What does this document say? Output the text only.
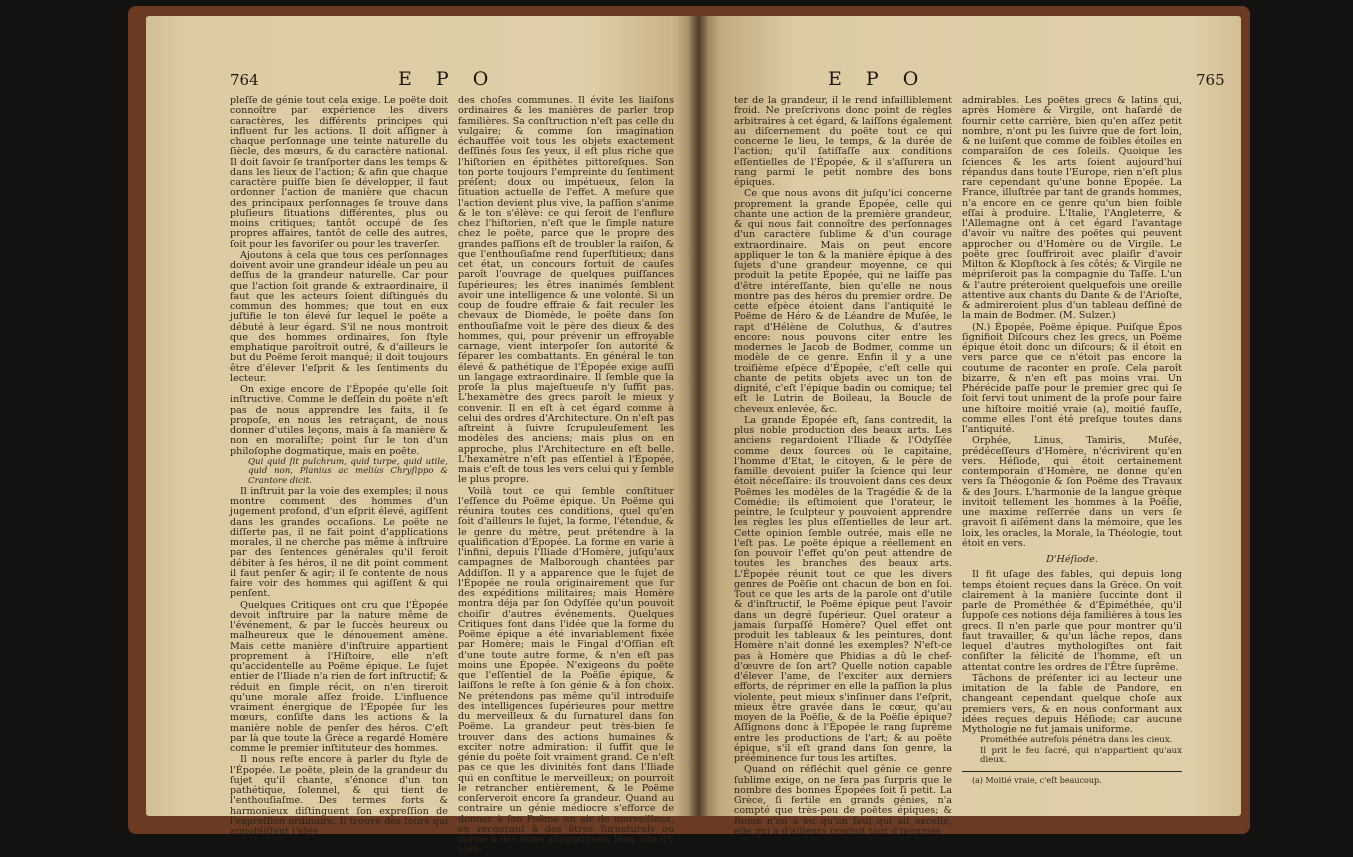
764	E P O

pleſſe de génie tout cela exige. Le poëte doit connoître par expérience les divers caractères, les différents principes qui influent fur les actions. Il doit aſſigner à chaque perſonnage une teinte naturelle du ſiècle, des mœurs, & du caractère national. Il doit ſavoir ſe tranſporter dans les temps & dans les lieux de l'action; & afin que chaque caractère puiſſe bien ſe développer, il faut ordonner l'action de manière que chacun des principaux perſonnages ſe trouve dans pluſieurs ſituations différentes, plus ou moins critiques; tantôt occupé de ſes propres affaires, tantôt de celle des autres, ſoit pour les favoriſer ou pour les traverſer.

Ajoutons à cela que tous ces perſonnages doivent avoir une grandeur idéale un peu au deſſus de la grandeur naturelle. Car pour que l'action ſoit grande & extraordinaire, il faut que les acteurs ſoient diſtingués du commun des hommes; que tout en eux juſtifie le ton élevé ſur lequel le poëte a débuté à leur égard. S'il ne nous montroit que des hommes ordinaires, ſon ſtyle emphatique paroîtroit outré, & d'ailleurs le but du Poëme ſeroit manqué; il doit toujours être d'élever l'eſprit & les ſentiments du lecteur.

On exige encore de l'Épopée qu'elle ſoit inſtructive. Comme le deſſein du poëte n'eſt pas de nous apprendre les faits, il ſe propoſe, en nous les retraçant, de nous donner d'utiles leçons, mais à ſa manière & non en moraliſte; point ſur le ton d'un philoſophe dogmatique, mais en poëte.

Qui quid ſit pulchrum, quid turpe, quid utile, quid non, Planius ac meliùs Chryſippo & Crantore dicit.

Il inſtruit par la voie des exemples; il nous montre comment des hommes d'un jugement profond, d'un eſprit élevé, agiſſent dans les grandes occaſions. Le poëte ne diſſerte pas, il ne fait point d'applications morales, il ne cherche pas même à inſtruire par des ſentences générales qu'il feroit débiter à ſes héros, il ne dit point comment il faut penſer & agir; il ſe contente de nous faire voir des hommes qui agiſſent & qui penſent.

Quelques Critiques ont cru que l'Épopée devoit inſtruire par la nature même de l'événement, & par le ſuccès heureux ou malheureux que le dénouement amène. Mais cette manière d'inſtruire appartient proprement à l'Hiſtoire, elle n'eſt qu'accidentelle au Poëme épique. Le ſujet entier de l'Iliade n'a rien de fort inſtructif; & réduit en ſimple récit, on n'en tireroit qu'une morale aſſez froide. L'influence vraiment énergique de l'Épopée ſur les mœurs, conſiſte dans les actions & la manière noble de penſer des héros. C'eſt par là que toute la Grèce a regardé Homère comme le premier inſtituteur des hommes.

Il nous reſte encore à parler du ſtyle de l'Épopée. Le poëte, plein de la grandeur du ſujet qu'il chante, s'énonce d'un ton pathétique, ſolennel, & qui tient de l'enthouſiaſme. Des termes forts & harmonieux diſtinguent ſon expreſſion de l'expreſſion ordinaire. Il trouve des tours qui annobliſſent l'idée

des choſes communes. Il évite les liaiſons ordinaires & les manières de parler trop familières. Sa conſtruction n'eſt pas celle du vulgaire; & comme ſon imagination échauffée voit tous les objets exactement deſſinés ſous ſes yeux, il eſt plus riche que l'hiſtorien en épithètes pittoreſques. Son ton porte toujours l'empreinte du ſentiment préſent; doux ou impétueux, ſelon la ſituation actuelle de l'effet. A meſure que l'action devient plus vive, la paſſion s'anime & le ton s'élève: ce qui ſeroit de l'enflure chez l'hiſtorien, n'eſt que le ſimple nature chez le poëte, parce que le propre des grandes paſſions eſt de troubler la raiſon, & que l'enthouſiaſme rend ſuperſtitieux; dans cet état, un concours fortuit de cauſes paroît l'ouvrage de quelques puiſſances ſupérieures; les êtres inanimés ſemblent avoir une intelligence & une volonté. Si un coup de foudre effraie & fait reculer les chevaux de Diomède, le poëte dans ſon enthouſiaſme voit le père des dieux & des hommes, qui, pour prévenir un effroyable carnage, vient interpoſer ſon autorité & ſéparer les combattants. En général le ton élevé & pathétique de l'Épopée exige auſſi un langage extraordinaire. Il ſemble que la proſe la plus majeſtueuſe n'y ſuffit pas. L'hexamètre des grecs paroît le mieux y convenir. Il en eſt à cet égard comme à celui des ordres d'Architecture. On n'eſt pas aſtreint à ſuivre ſcrupuleuſement les modèles des anciens; mais plus on en approche, plus l'Architecture en eſt belle. L'hexamètre n'eſt pas eſſentiel à l'Épopée, mais c'eſt de tous les vers celui qui y ſemble le plus propre.

Voilà tout ce qui ſemble conſtituer l'eſſence du Poëme épique. Un Poëme qui réunira toutes ces conditions, quel qu'en ſoit d'ailleurs le ſujet, la forme, l'étendue, & le genre du mètre, peut prétendre à la qualification d'Épopée. La forme en varie à l'infini, depuis l'Iliade d'Homère, juſqu'aux campagnes de Malborough chantées par Addiſſon. Il y a apparence que le ſujet de l'Épopée ne roula originairement que ſur des expéditions militaires; mais Homère montra déja par ſon Odyſſée qu'un pouvoit choiſir d'autres événements. Quelques Critiques font dans l'idée que la forme du Poëme épique a été invariablement fixée par Homère; mais le Fingal d'Oſſian eſt d'une toute autre forme, & n'en eſt pas moins une Épopée. N'exigeons du poëte que l'eſſentiel de la Poëſie épique, & laiſſons le reſte à ſon génie & à ſon choix. Ne prétendons pas même qu'il introduiſe des intelligences ſupérieures pour mettre du merveilleux & du ſurnaturel dans ſon Poëme. La grandeur peut très-bien ſe trouver dans des actions humaines & exciter notre admiration: il ſuffit que le génie du poëte ſoit vraiment grand. Ce n'eſt pas ce que les divinités font dans l'Iliade qui en conſtitue le merveilleux; on pourroit le retrancher entièrement, & le Poëme conſerveroit encore ſa grandeur. Quand au contraire un génie médiocre s'efforce de donner à ſon Poëme un air de merveilleux, en recourant à des êtres ſurnaturels ou même à des êtres allégoriques, bien loin d'y ajou-

E P O	765

ter de la grandeur, il le rend infailliblement froid. Ne preſcrivons donc point de règles arbitraires à cet égard, & laiſſons également au diſcernement du poëte tout ce qui concerne le lieu, le temps, & la durée de l'action; qu'il ſatiſfaſſe aux conditions eſſentielles de l'Épopée, & il s'aſſurera un rang parmi le petit nombre des bons épiques.

Ce que nous avons dit juſqu'ici concerne proprement la grande Épopée, celle qui chante une action de la première grandeur, & qui nous fait connoître des perſonnages d'un caractère ſublime & d'un courage extraordinaire. Mais on peut encore appliquer le ton & la manière épique à des ſujets d'une grandeur moyenne, ce qui produit la petite Épopée, qui ne laiſſe pas d'être intéreſſante, bien qu'elle ne nous montre pas des héros du premier ordre. De cette eſpèce étoient dans l'antiquité le Poëme de Héro & de Léandre de Muſée, le rapt d'Hélène de Coluthus, & d'autres encore: nous pouvons citer entre les modernes le Jacob de Bodmer, comme un modèle de ce genre. Enfin il y a une troiſième eſpèce d'Épopée, c'eſt celle qui chante de petits objets avec un ton de dignité, c'eſt l'épique badin ou comique; tel eſt le Lutrin de Boileau, la Boucle de cheveux enlevée, &c.

La grande Épopée eſt, ſans contredit, la plus noble production des beaux arts. Les anciens regardoient l'Iliade & l'Odyſſée comme deux ſources où le capitaine, l'homme d'Etat, le citoyen, & le père de famille devoient puiſer la ſcience qui leur étoit néceſſaire: ils trouvoient dans ces deux Poëmes les modèles de la Tragédie & de la Comédie; ils eſtimoient que l'orateur, le peintre, le ſculpteur y pouvoient apprendre les règles les plus eſſentielles de leur art. Cette opinion ſemble outrée, mais elle ne l'eſt pas. Le poëte épique a réellement en ſon pouvoir l'effet qu'on peut attendre de toutes les branches des beaux arts. L'Épopée réunit tout ce que les divers genres de Poëſie ont chacun de bon en ſoi. Tout ce que les arts de la parole ont d'utile & d'inſtructif, le Poëme épique peut l'avoir dans un degré ſupérieur. Quel orateur a jamais ſurpaſſé Homère? Quel effet ont produit les tableaux & les peintures, dont Homère n'ait donné les exemples? N'eſt-ce pas à Homère que Phidias a dû le chef-d'œuvre de ſon art? Quelle notion capable d'élever l'ame, de l'exciter aux derniers efforts, de réprimer en elle la paſſion la plus violente, peut mieux s'inſinuer dans l'eſprit, mieux être gravée dans le cœur, qu'au moyen de la Poëſie, & de la Poëſie épique? Aſſignons donc à l'Épopée le rang ſuprême entre les productions de l'art; & au poëte épique, s'il eſt grand dans ſon genre, la prééminence ſur tous les artiſtes.

Quand on réfléchit quel génie ce genre ſublime exige, on ne ſera pas ſurpris que le nombre des bonnes Épopées ſoit ſi petit. La Grèce, ſi fertile en grands génies, n'a compté que très-peu de poëtes épiques; & Rome n'en a eu qu'un ſeul qui ait excellé, elle qui a d'ailleurs produit tant d'hommes

admirables. Les poëtes grecs & latins qui, après Homère & Virgile, ont haſardé de fournir cette carrière, bien qu'en aſſez petit nombre, n'ont pu les ſuivre que de fort loin, & ne luiſent que comme de foibles étoiles en comparaiſon de ces ſoleils. Quoique les ſciences & les arts ſoient aujourd'hui répandus dans toute l'Europe, rien n'eſt plus rare cependant qu'une bonne Épopée. La France, illuſtrée par tant de grands hommes, n'a encore en ce genre qu'un bien foible eſſai à produire. L'Italie, l'Angleterre, & l'Allemagne ont à cet égard l'avantage d'avoir vu naître des poëtes qui peuvent approcher ou d'Homère ou de Virgile. Le poëte grec ſouffriroit avec plaiſir d'avoir Milton & Klopſtock à ſes côtés; & Virgile ne mépriſeroit pas la compagnie du Taſſe. L'un & l'autre préteroient quelquefois une oreille attentive aux chants du Dante & de l'Arioſte, & admireroient plus d'un tableau deſſiné de la main de Bodmer. (M. Sulzer.)

(N.) Épopée, Poëme épique. Puiſque Épos ſignifioit Diſcours chez les grecs, un Poëme épique étoit donc un diſcours; & il étoit en vers parce que ce n'étoit pas encore la coutume de raconter en proſe. Cela paroît bizarre, & n'en eſt pas moins vrai. Un Phérécide paſſe pour le premier grec qui ſe ſoit ſervi tout uniment de la proſe pour faire une hiſtoire moitié vraie (a), moitié fauſſe, comme elles l'ont été preſque toutes dans l'antiquité.

Orphée, Linus, Tamiris, Muſée, prédéceſſeurs d'Homère, n'écrivirent qu'en vers. Héſiode, qui étoit certainement contemporain d'Homère, ne donne qu'en vers ſa Théogonie & ſon Poëme des Travaux & des Jours. L'harmonie de la langue grèque invitoit tellement les hommes à la Poëſie, une maxime reſſerrée dans un vers ſe gravoit ſi aiſément dans la mémoire, que les loix, les oracles, la Morale, la Théologie, tout étoit en vers.

D'Héſiode.

Il fit uſage des fables, qui depuis long temps étoient reçues dans la Grèce. On voit clairement à la manière ſuccinte dont il parle de Prométhée & d'Épiméthée, qu'il ſuppoſe ces notions déja familières à tous les grecs. Il n'en parle que pour montrer qu'il faut travailler, & qu'un lâche repos, dans lequel d'autres mythologiſtes ont fait conſiſter la félicité de l'homme, eſt un attentat contre les ordres de l'Être ſuprême.

Tâchons de préſenter ici au lecteur une imitation de la fable de Pandore, en changeant cependant quelque choſe aux premiers vers, & en nous conformant aux idées reçues depuis Héſiode; car aucune Mythologie ne fut jamais uniforme.

Prométhée autrefois pénétra dans les cieux.

Il prit le feu ſacré, qui n'appartient qu'aux dieux.

(a) Moitié vraie, c'eſt beaucoup.
